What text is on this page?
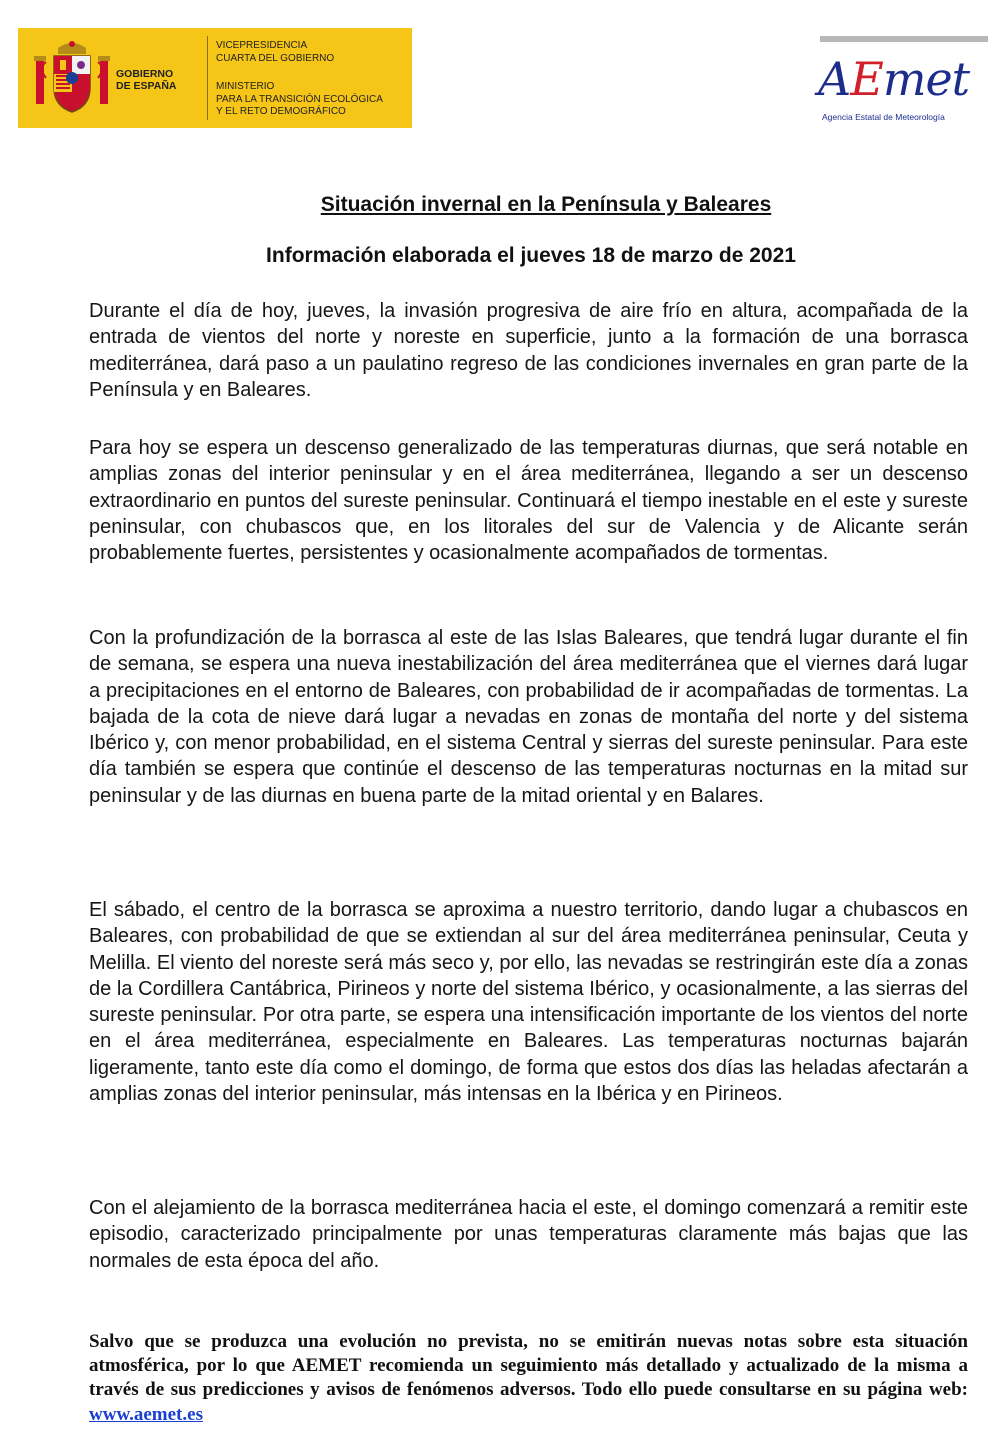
GOBIERNO
DE ESPAÑA
VICEPRESIDENCIA
CUARTA DEL GOBIERNO
MINISTERIO
PARA LA TRANSICIÓN ECOLÓGICA
Y EL RETO DEMOGRÁFICO
AEmet
Agencia Estatal de Meteorología
Situación invernal en la Península y Baleares
Información elaborada el jueves 18 de marzo de 2021

Durante el día de hoy, jueves, la invasión progresiva de aire frío en altura, acompañada de la entrada de vientos del norte y noreste en superficie, junto a la formación de una borrasca mediterránea, dará paso a un paulatino regreso de las condiciones invernales en gran parte de la Península y en Baleares.

Para hoy se espera un descenso generalizado de las temperaturas diurnas, que será notable en amplias zonas del interior peninsular y en el área mediterránea, llegando a ser un descenso extraordinario en puntos del sureste peninsular. Continuará el tiempo inestable en el este y sureste peninsular, con chubascos que, en los litorales del sur de Valencia y de Alicante serán probablemente fuertes, persistentes y ocasionalmente acompañados de tormentas.

Con la profundización de la borrasca al este de las Islas Baleares, que tendrá lugar durante el fin de semana, se espera una nueva inestabilización del área mediterránea que el viernes dará lugar a precipitaciones en el entorno de Baleares, con probabilidad de ir acompañadas de tormentas. La bajada de la cota de nieve dará lugar a nevadas en zonas de montaña del norte y del sistema Ibérico y, con menor probabilidad, en el sistema Central y sierras del sureste peninsular. Para este día también se espera que continúe el descenso de las temperaturas nocturnas en la mitad sur peninsular y de las diurnas en buena parte de la mitad oriental y en Balares.

El sábado, el centro de la borrasca se aproxima a nuestro territorio, dando lugar a chubascos en Baleares, con probabilidad de que se extiendan al sur del área mediterránea peninsular, Ceuta y Melilla. El viento del noreste será más seco y, por ello, las nevadas se restringirán este día a zonas de la Cordillera Cantábrica, Pirineos y norte del sistema Ibérico, y ocasionalmente, a las sierras del sureste peninsular. Por otra parte, se espera una intensificación importante de los vientos del norte en el área mediterránea, especialmente en Baleares. Las temperaturas nocturnas bajarán ligeramente, tanto este día como el domingo, de forma que estos dos días las heladas afectarán a amplias zonas del interior peninsular, más intensas en la Ibérica y en Pirineos.

Con el alejamiento de la borrasca mediterránea hacia el este, el domingo comenzará a remitir este episodio, caracterizado principalmente por unas temperaturas claramente más bajas que las normales de esta época del año.

Salvo que se produzca una evolución no prevista, no se emitirán nuevas notas sobre esta situación atmosférica, por lo que AEMET recomienda un seguimiento más detallado y actualizado de la misma a través de sus predicciones y avisos de fenómenos adversos. Todo ello puede consultarse en su página web: www.aemet.es
